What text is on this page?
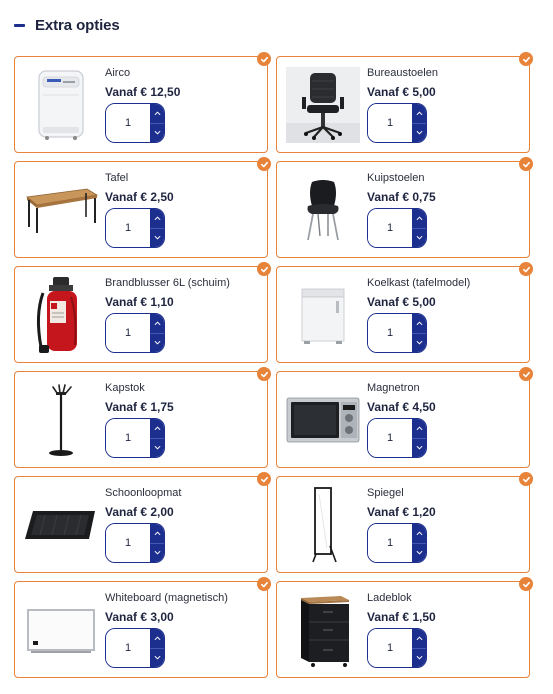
Extra opties
Airco
Vanaf € 12,50
1
Bureaustoelen
Vanaf € 5,00
1
Tafel
Vanaf € 2,50
1
Kuipstoelen
Vanaf € 0,75
1
Brandblusser 6L (schuim)
Vanaf € 1,10
1
Koelkast (tafelmodel)
Vanaf € 5,00
1
Kapstok
Vanaf € 1,75
1
Magnetron
Vanaf € 4,50
1
Schoonloopmat
Vanaf € 2,00
1
Spiegel
Vanaf € 1,20
1
Whiteboard (magnetisch)
Vanaf € 3,00
1
Ladeblok
Vanaf € 1,50
1
